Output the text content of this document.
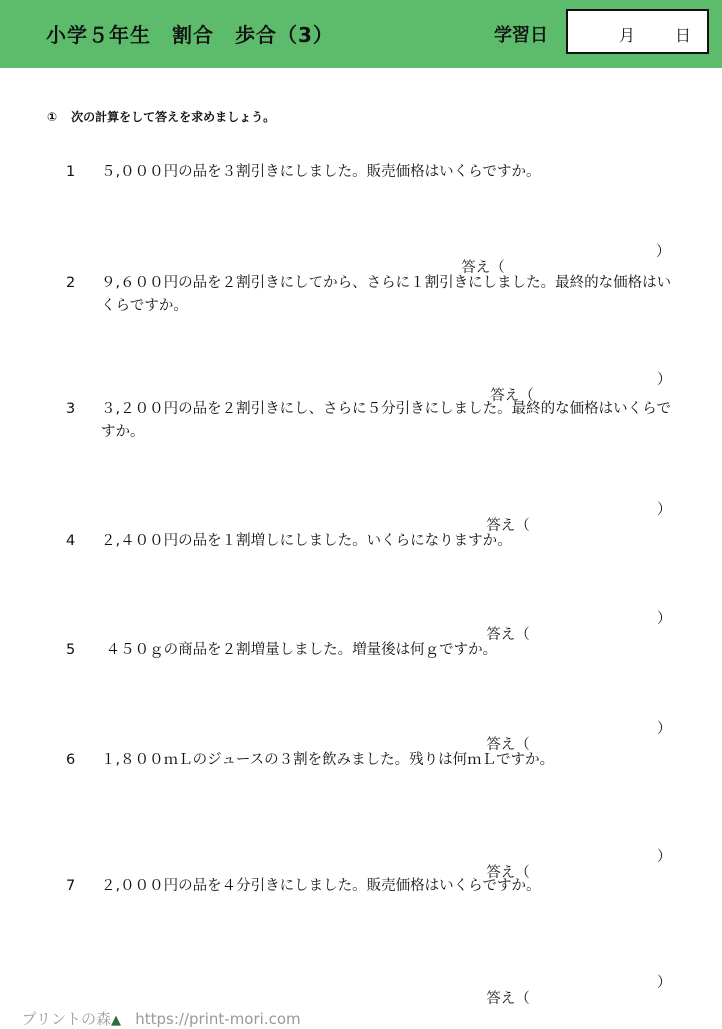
小学５年生　割合　歩合（3）	学習日	月 日
① 次の計算をして答えを求めましょう。
1	５,０００円の品を３割引きにしました。販売価格はいくらですか。

答え（

）

2	９,６００円の品を２割引きにしてから、さらに１割引きにしました。最終的な価格はいくらですか。

答え（

）

3	３,２００円の品を２割引きにし、さらに５分引きにしました。最終的な価格はいくらですか。

答え（

）

4	２,４００円の品を１割増しにしました。いくらになりますか。

答え（

）

5	４５０ｇの商品を２割増量しました。増量後は何ｇですか。

答え（

）

6	１,８００ｍＬのジュースの３割を飲みました。残りは何ｍＬですか。

答え（

）

7	２,０００円の品を４分引きにしました。販売価格はいくらですか。

答え（

）

プリントの森▲ https://print-mori.com
